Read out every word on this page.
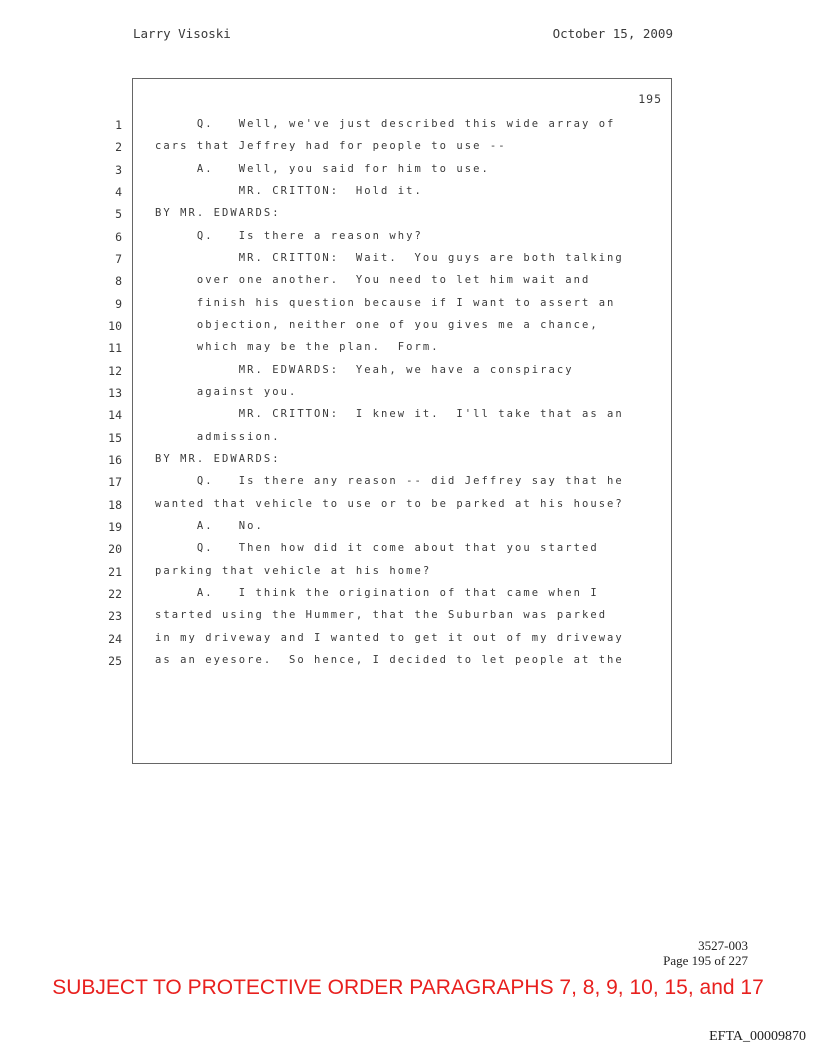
Larry Visoski	October 15, 2009
195
1	Q.   Well, we've just described this wide array of
2	cars that Jeffrey had for people to use --
3	A.   Well, you said for him to use.
4	MR. CRITTON:  Hold it.
5	BY MR. EDWARDS:
6	Q.   Is there a reason why?
7	MR. CRITTON:  Wait.  You guys are both talking
8	over one another.  You need to let him wait and
9	finish his question because if I want to assert an
10	objection, neither one of you gives me a chance,
11	which may be the plan.  Form.
12	MR. EDWARDS:  Yeah, we have a conspiracy
13	against you.
14	MR. CRITTON:  I knew it.  I'll take that as an
15	admission.
16	BY MR. EDWARDS:
17	Q.   Is there any reason -- did Jeffrey say that he
18	wanted that vehicle to use or to be parked at his house?
19	A.   No.
20	Q.   Then how did it come about that you started
21	parking that vehicle at his home?
22	A.   I think the origination of that came when I
23	started using the Hummer, that the Suburban was parked
24	in my driveway and I wanted to get it out of my driveway
25	as an eyesore.  So hence, I decided to let people at the
3527-003
Page 195 of 227
SUBJECT TO PROTECTIVE ORDER PARAGRAPHS 7, 8, 9, 10, 15, and 17
EFTA_00009870
